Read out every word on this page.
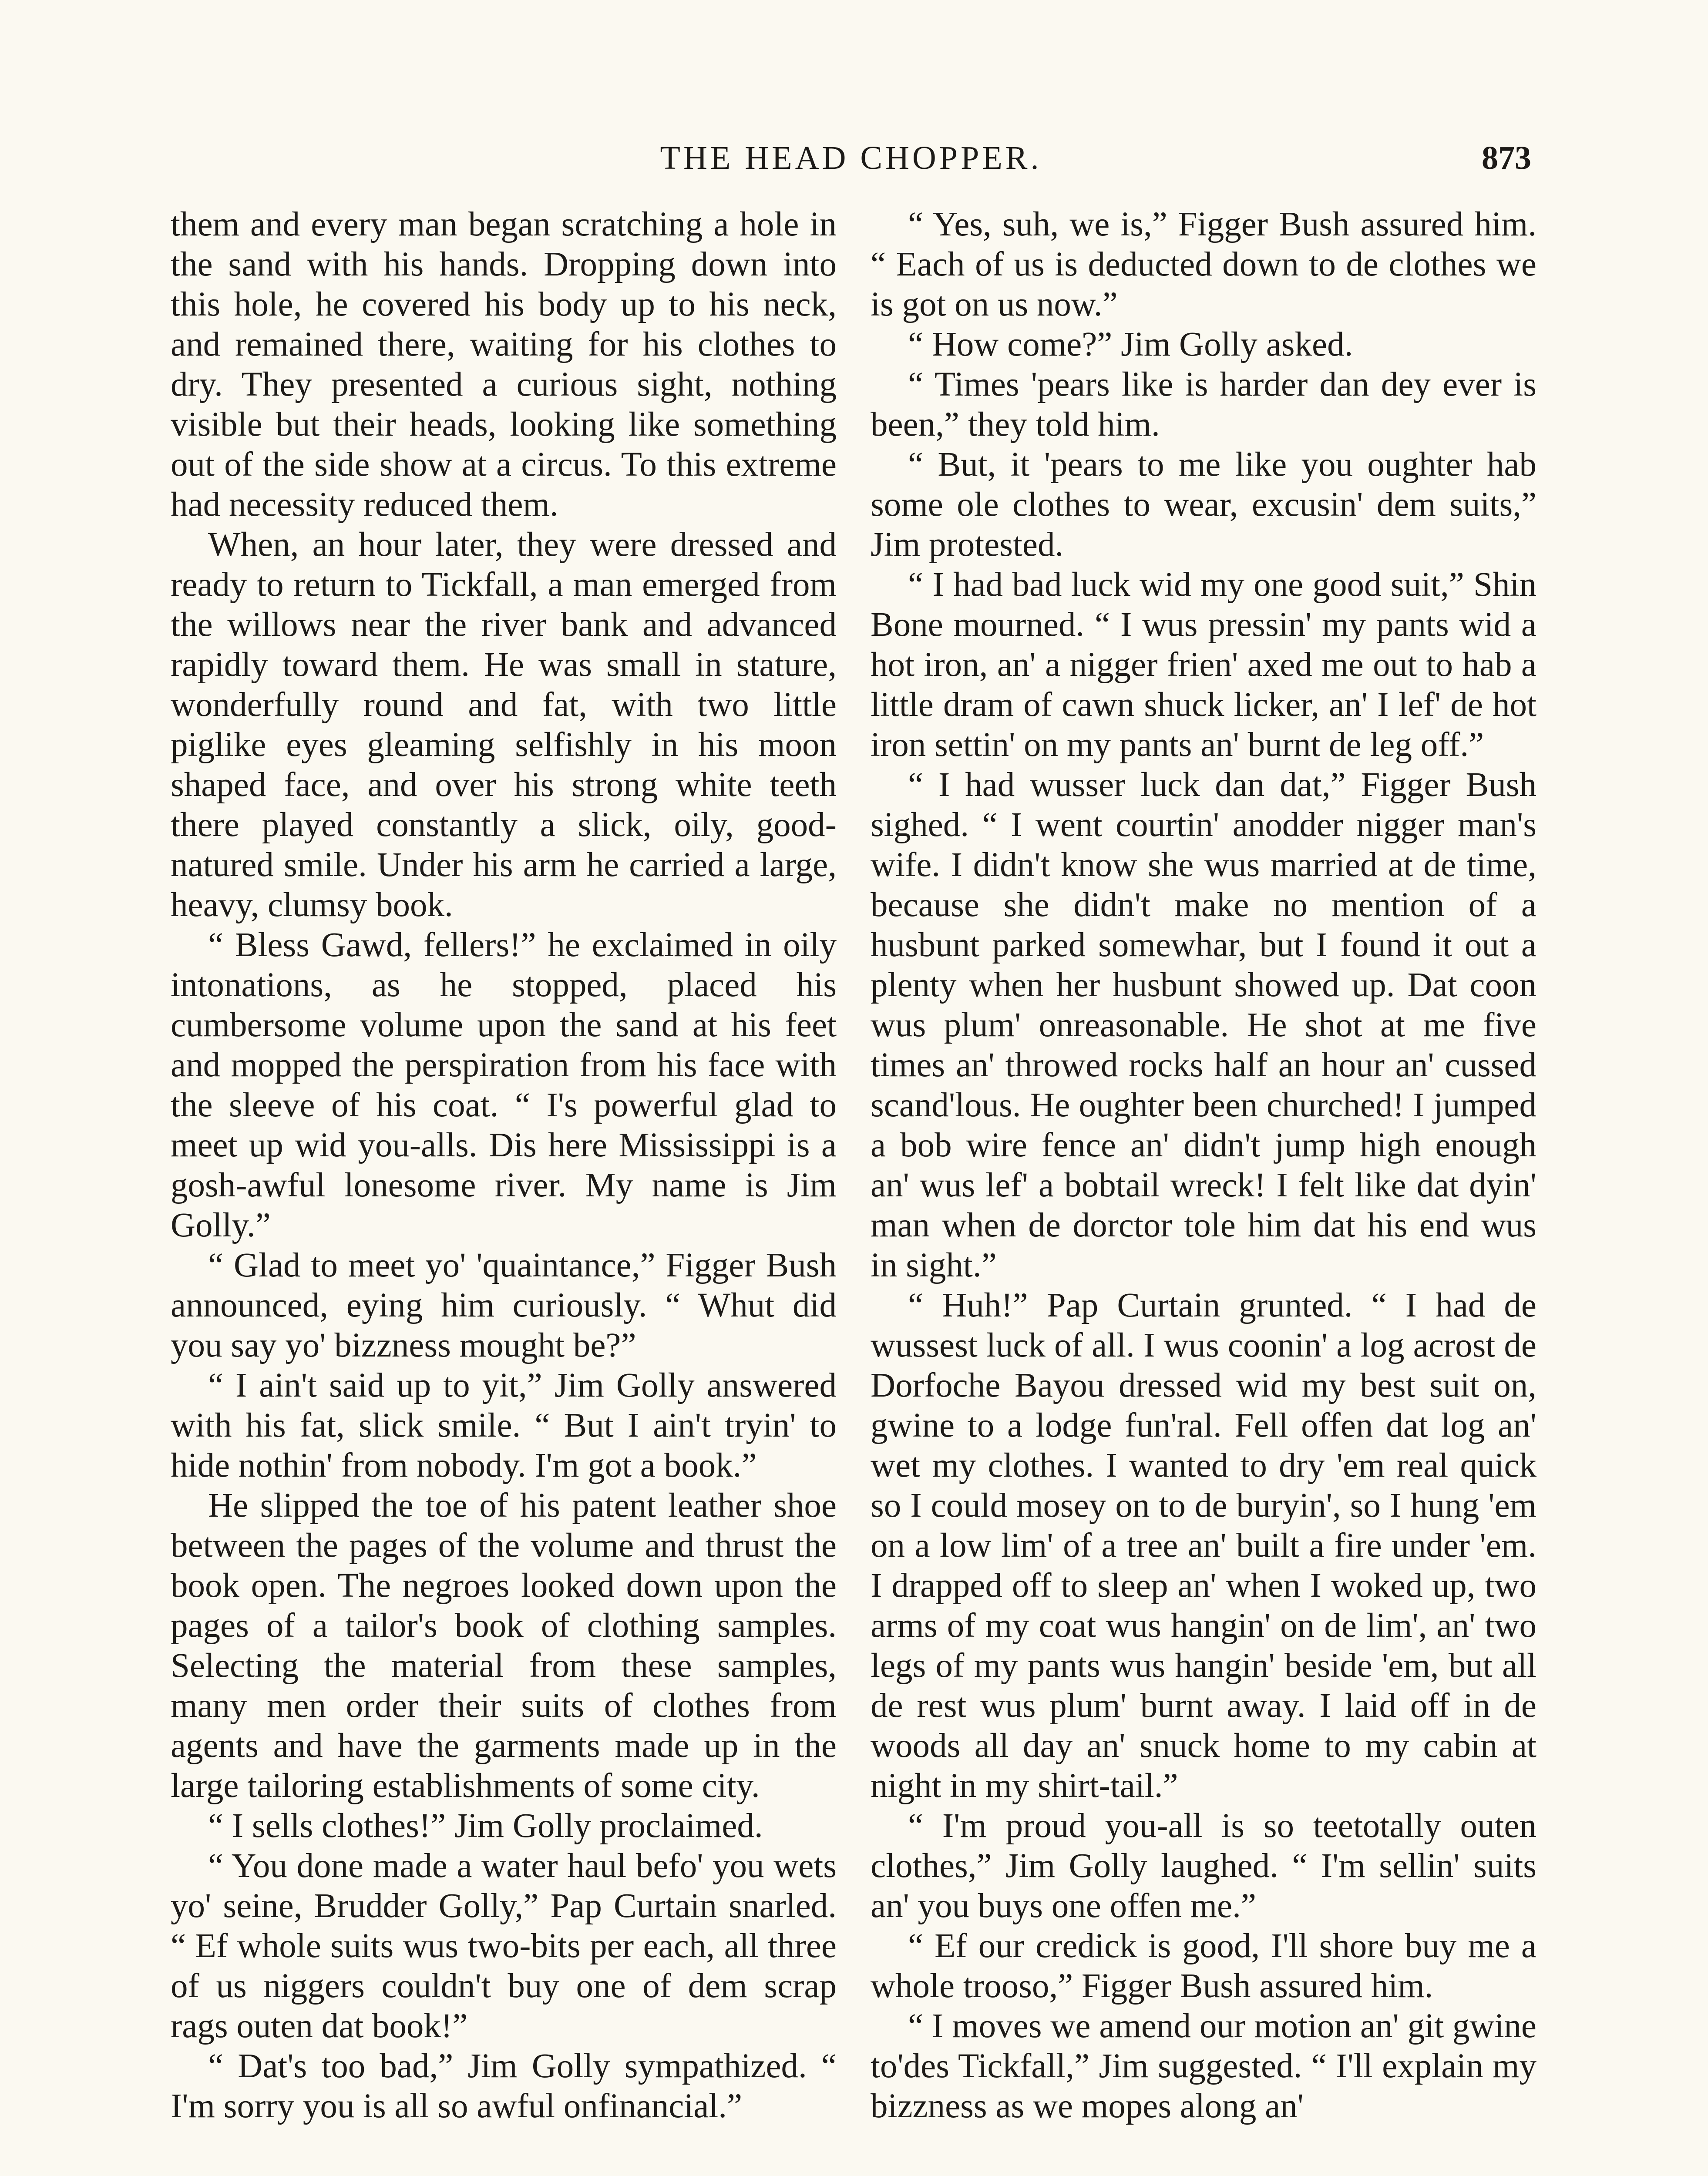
THE HEAD CHOPPER.	873

them and every man began scratching a hole in the sand with his hands. Dropping down into this hole, he covered his body up to his neck, and remained there, waiting for his clothes to dry. They presented a curious sight, nothing visible but their heads, looking like something out of the side show at a circus. To this extreme had necessity reduced them.

When, an hour later, they were dressed and ready to return to Tickfall, a man emerged from the willows near the river bank and advanced rapidly toward them. He was small in stature, wonderfully round and fat, with two little piglike eyes gleaming selfishly in his moon shaped face, and over his strong white teeth there played constantly a slick, oily, good-natured smile. Under his arm he carried a large, heavy, clumsy book.

“ Bless Gawd, fellers!” he exclaimed in oily intonations, as he stopped, placed his cumbersome volume upon the sand at his feet and mopped the perspiration from his face with the sleeve of his coat. “ I's powerful glad to meet up wid you-alls. Dis here Mississippi is a gosh-awful lonesome river. My name is Jim Golly.”

“ Glad to meet yo' 'quaintance,” Figger Bush announced, eying him curiously. “ Whut did you say yo' bizzness mought be?”

“ I ain't said up to yit,” Jim Golly answered with his fat, slick smile. “ But I ain't tryin' to hide nothin' from nobody. I'm got a book.”

He slipped the toe of his patent leather shoe between the pages of the volume and thrust the book open. The negroes looked down upon the pages of a tailor's book of clothing samples. Selecting the material from these samples, many men order their suits of clothes from agents and have the garments made up in the large tailoring establishments of some city.

“ I sells clothes!” Jim Golly proclaimed.

“ You done made a water haul befo' you wets yo' seine, Brudder Golly,” Pap Curtain snarled. “ Ef whole suits wus two-bits per each, all three of us niggers couldn't buy one of dem scrap rags outen dat book!”

“ Dat's too bad,” Jim Golly sympathized. “ I'm sorry you is all so awful onfinancial.”

“ Yes, suh, we is,” Figger Bush assured him. “ Each of us is deducted down to de clothes we is got on us now.”

“ How come?” Jim Golly asked.

“ Times 'pears like is harder dan dey ever is been,” they told him.

“ But, it 'pears to me like you oughter hab some ole clothes to wear, excusin' dem suits,” Jim protested.

“ I had bad luck wid my one good suit,” Shin Bone mourned. “ I wus pressin' my pants wid a hot iron, an' a nigger frien' axed me out to hab a little dram of cawn shuck licker, an' I lef' de hot iron settin' on my pants an' burnt de leg off.”

“ I had wusser luck dan dat,” Figger Bush sighed. “ I went courtin' anodder nigger man's wife. I didn't know she wus married at de time, because she didn't make no mention of a husbunt parked somewhar, but I found it out a plenty when her husbunt showed up. Dat coon wus plum' onreasonable. He shot at me five times an' throwed rocks half an hour an' cussed scand'lous. He oughter been churched! I jumped a bob wire fence an' didn't jump high enough an' wus lef' a bobtail wreck! I felt like dat dyin' man when de dorctor tole him dat his end wus in sight.”

“ Huh!” Pap Curtain grunted. “ I had de wussest luck of all. I wus coonin' a log acrost de Dorfoche Bayou dressed wid my best suit on, gwine to a lodge fun'ral. Fell offen dat log an' wet my clothes. I wanted to dry 'em real quick so I could mosey on to de buryin', so I hung 'em on a low lim' of a tree an' built a fire under 'em. I drapped off to sleep an' when I woked up, two arms of my coat wus hangin' on de lim', an' two legs of my pants wus hangin' beside 'em, but all de rest wus plum' burnt away. I laid off in de woods all day an' snuck home to my cabin at night in my shirt-tail.”

“ I'm proud you-all is so teetotally outen clothes,” Jim Golly laughed. “ I'm sellin' suits an' you buys one offen me.”

“ Ef our credick is good, I'll shore buy me a whole trooso,” Figger Bush assured him.

“ I moves we amend our motion an' git gwine to'des Tickfall,” Jim suggested. “ I'll explain my bizzness as we mopes along an'
